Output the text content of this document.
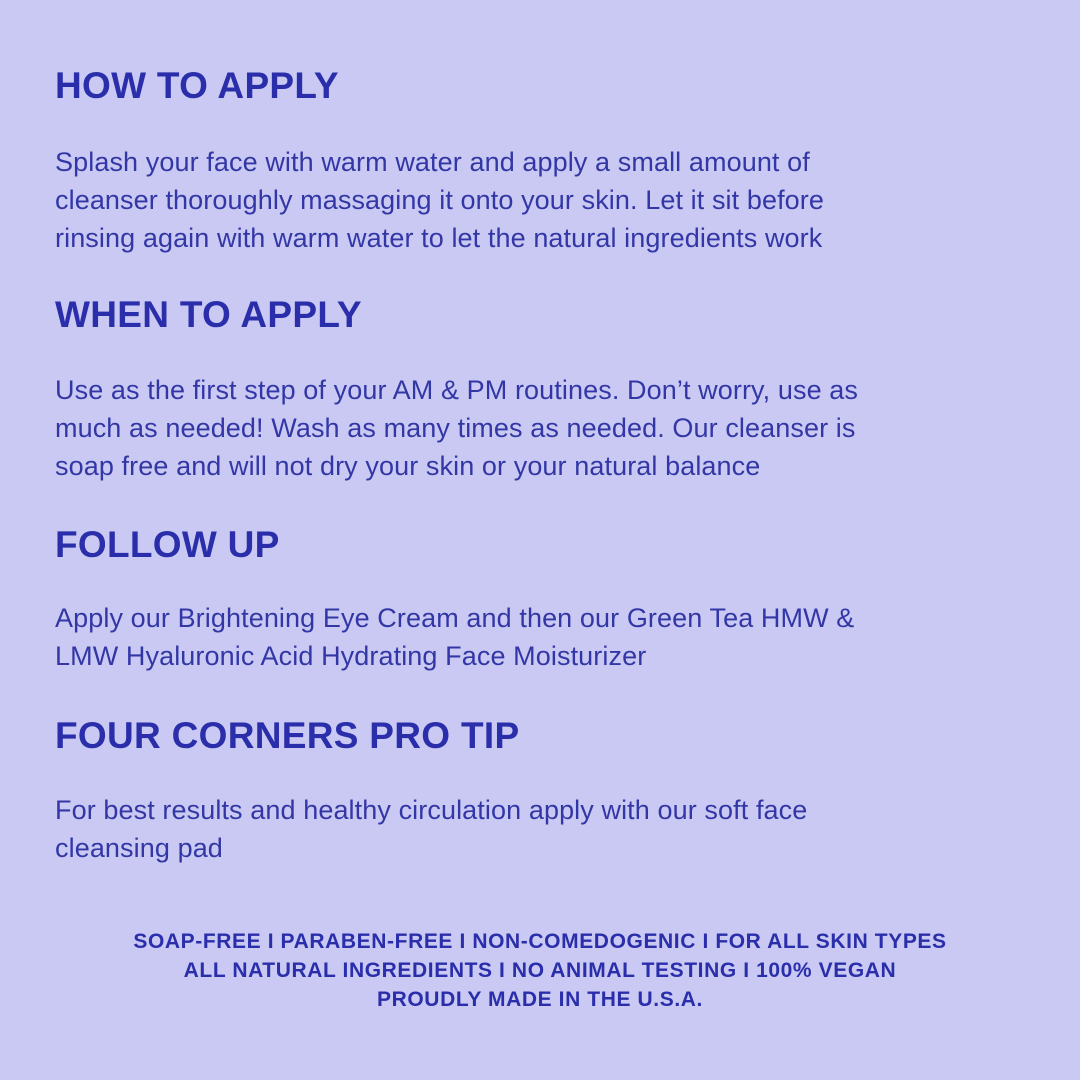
HOW TO APPLY

Splash your face with warm water and apply a small amount of
cleanser thoroughly massaging it onto your skin. Let it sit before
rinsing again with warm water to let the natural ingredients work

WHEN TO APPLY

Use as the first step of your AM & PM routines. Don’t worry, use as
much as needed! Wash as many times as needed. Our cleanser is
soap free and will not dry your skin or your natural balance

FOLLOW UP

Apply our Brightening Eye Cream and then our Green Tea HMW &
LMW Hyaluronic Acid Hydrating Face Moisturizer

FOUR CORNERS PRO TIP

For best results and healthy circulation apply with our soft face
cleansing pad

SOAP-FREE I PARABEN-FREE I NON-COMEDOGENIC I FOR ALL SKIN TYPES
ALL NATURAL INGREDIENTS I NO ANIMAL TESTING I 100% VEGAN
PROUDLY MADE IN THE U.S.A.
